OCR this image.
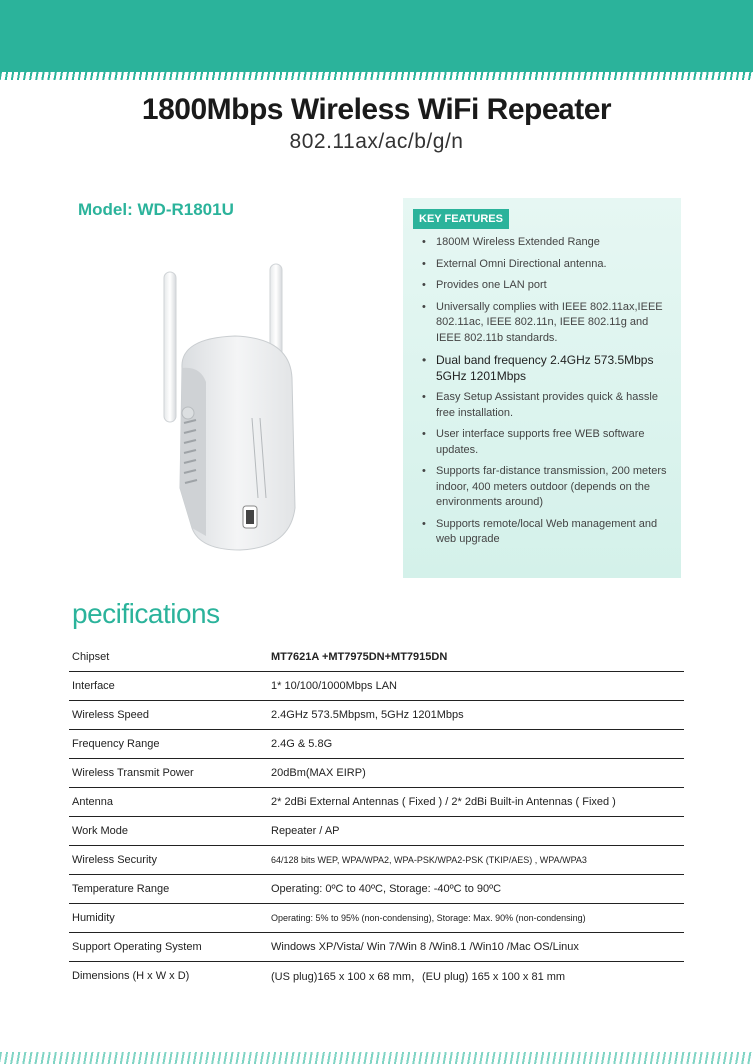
1800Mbps Wireless WiFi Repeater
802.11ax/ac/b/g/n
Model: WD-R1801U	KEY FEATURES
• 1800M Wireless Extended Range
• External Omni Directional antenna.
• Provides one LAN port
• Universally complies with IEEE 802.11ax,IEEE 802.11ac, IEEE 802.11n, IEEE 802.11g and IEEE 802.11b standards.
• Dual band frequency 2.4GHz 573.5Mbps 5GHz 1201Mbps
• Easy Setup Assistant provides quick & hassle free installation.
• User interface supports free WEB software updates.
• Supports far-distance transmission, 200 meters indoor, 400 meters outdoor (depends on the environments around)
• Supports remote/local Web management and web upgrade
pecifications
Chipset	MT7621A +MT7975DN+MT7915DN
Interface	1* 10/100/1000Mbps LAN
Wireless Speed	2.4GHz 573.5Mbpsm, 5GHz 1201Mbps
Frequency Range	2.4G & 5.8G
Wireless Transmit Power	20dBm(MAX EIRP)
Antenna	2* 2dBi External Antennas ( Fixed ) / 2* 2dBi Built-in Antennas ( Fixed )
Work Mode	Repeater / AP
Wireless Security	64/128 bits WEP, WPA/WPA2, WPA-PSK/WPA2-PSK (TKIP/AES) , WPA/WPA3
Temperature Range	Operating: 0ºC to 40ºC, Storage: -40ºC to 90ºC
Humidity	Operating: 5% to 95% (non-condensing), Storage: Max. 90% (non-condensing)
Support Operating System	Windows XP/Vista/ Win 7/Win 8 /Win8.1 /Win10 /Mac OS/Linux
Dimensions (H x W x D)	(US plug)165 x 100 x 68 mm，(EU plug) 165 x 100 x 81 mm
